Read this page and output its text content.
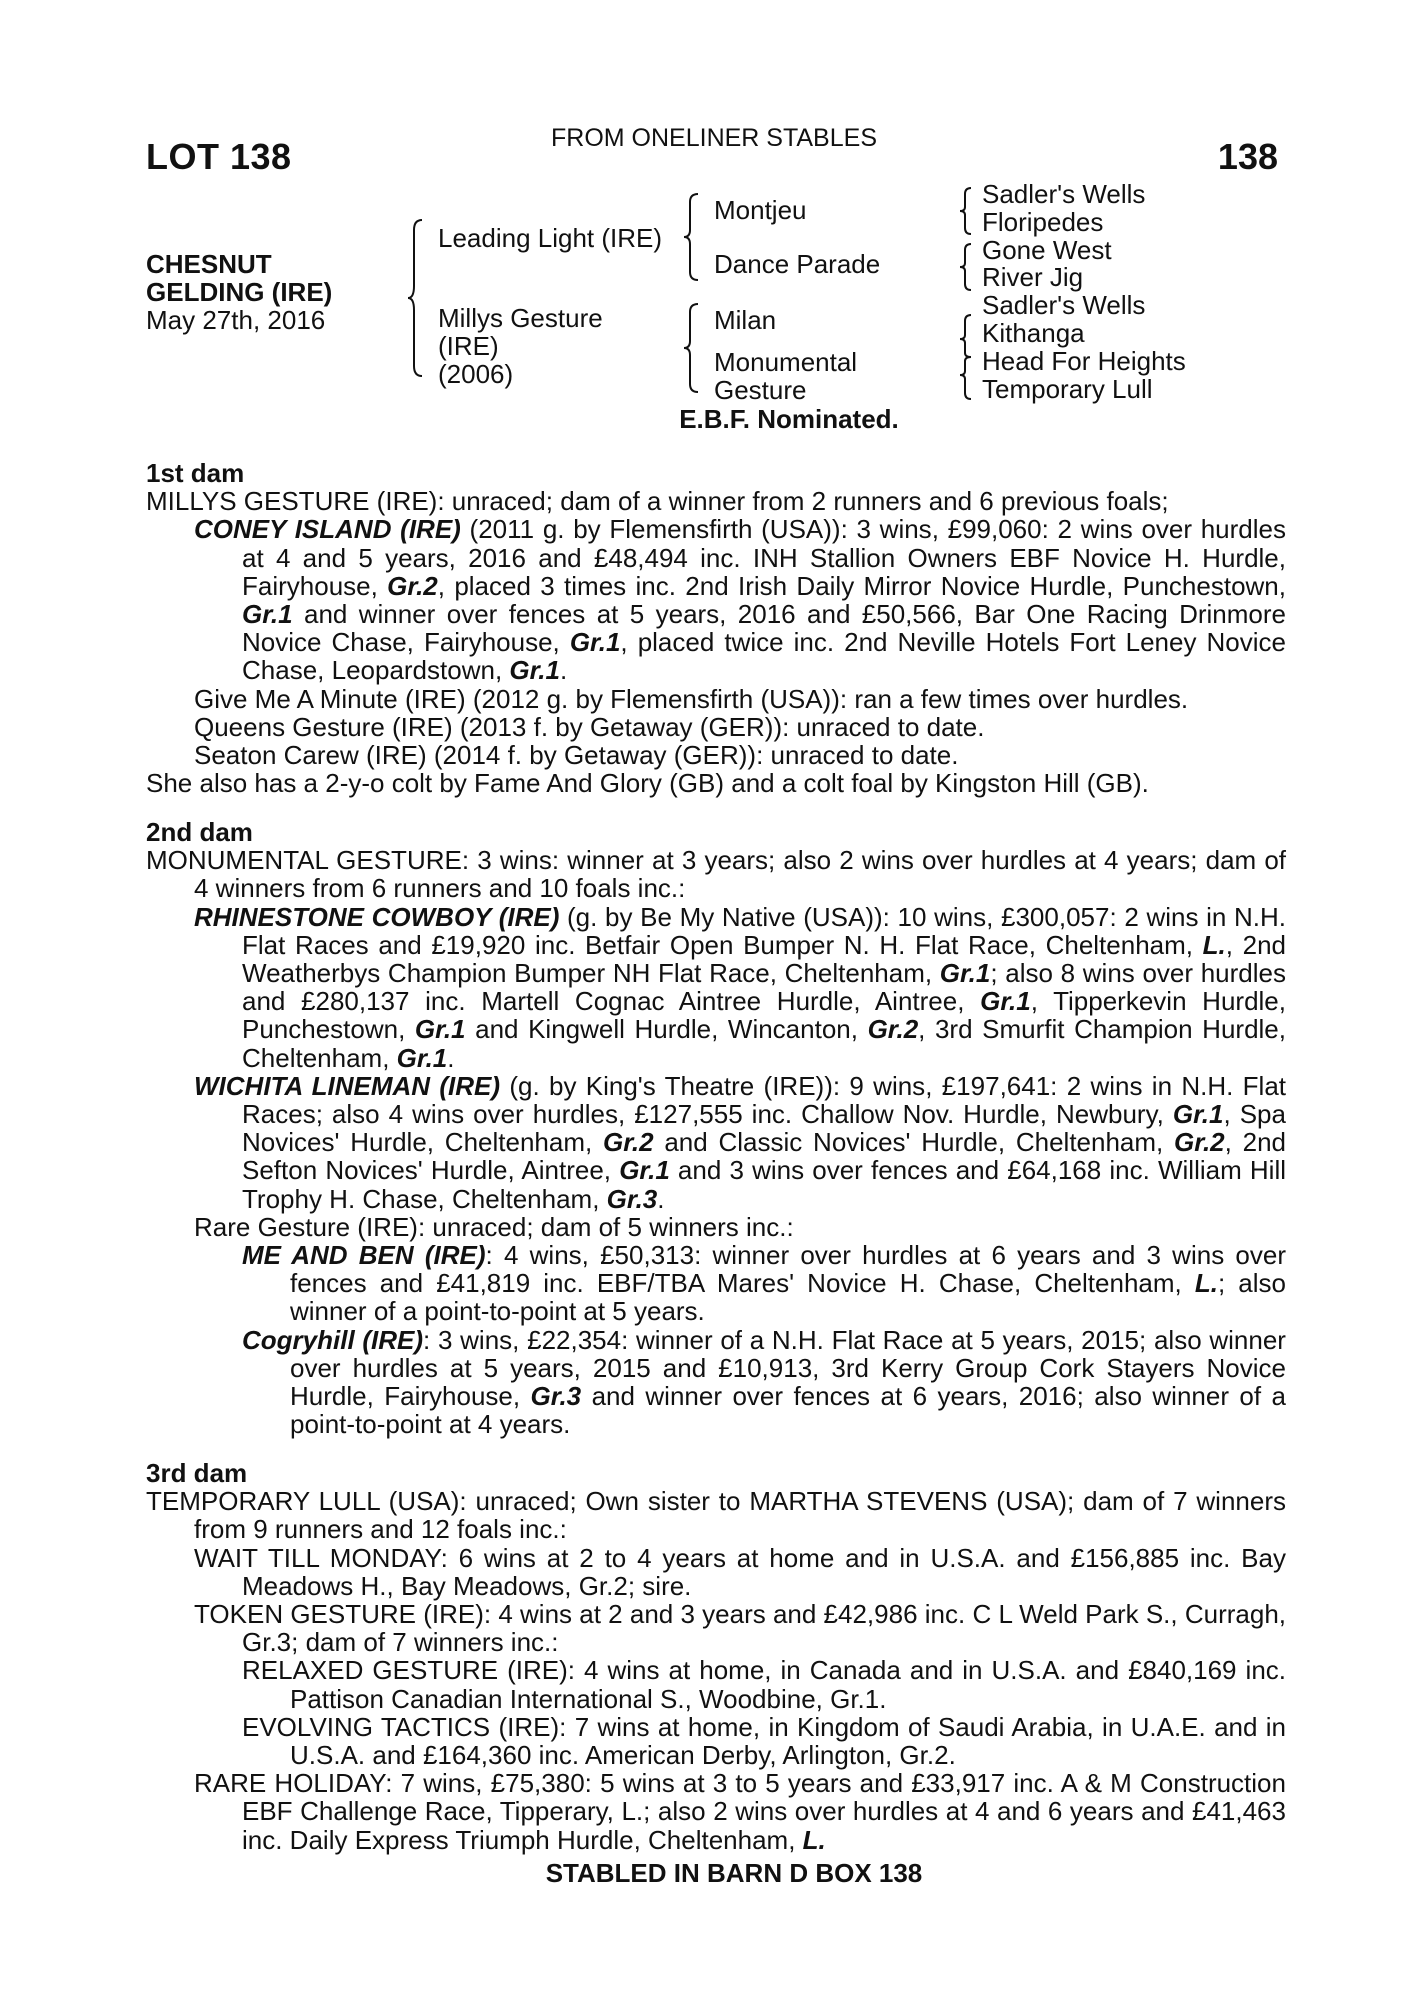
LOT 138	FROM ONELINER STABLES	138
CHESNUT
GELDING (IRE)
May 27th, 2016
Leading Light (IRE)
Millys Gesture
(IRE)
(2006)
Montjeu
Dance Parade
Milan
Monumental
Gesture
Sadler's Wells
Floripedes
Gone West
River Jig
Sadler's Wells
Kithanga
Head For Heights
Temporary Lull
E.B.F. Nominated.
1st dam
MILLYS GESTURE (IRE): unraced; dam of a winner from 2 runners and 6 previous foals;
CONEY ISLAND (IRE) (2011 g. by Flemensfirth (USA)): 3 wins, £99,060: 2 wins over hurdles at 4 and 5 years, 2016 and £48,494 inc. INH Stallion Owners EBF Novice H. Hurdle, Fairyhouse, Gr.2, placed 3 times inc. 2nd Irish Daily Mirror Novice Hurdle, Punchestown, Gr.1 and winner over fences at 5 years, 2016 and £50,566, Bar One Racing Drinmore Novice Chase, Fairyhouse, Gr.1, placed twice inc. 2nd Neville Hotels Fort Leney Novice Chase, Leopardstown, Gr.1.
Give Me A Minute (IRE) (2012 g. by Flemensfirth (USA)): ran a few times over hurdles.
Queens Gesture (IRE) (2013 f. by Getaway (GER)): unraced to date.
Seaton Carew (IRE) (2014 f. by Getaway (GER)): unraced to date.
She also has a 2-y-o colt by Fame And Glory (GB) and a colt foal by Kingston Hill (GB).
2nd dam
MONUMENTAL GESTURE: 3 wins: winner at 3 years; also 2 wins over hurdles at 4 years; dam of 4 winners from 6 runners and 10 foals inc.:
RHINESTONE COWBOY (IRE) (g. by Be My Native (USA)): 10 wins, £300,057: 2 wins in N.H. Flat Races and £19,920 inc. Betfair Open Bumper N. H. Flat Race, Cheltenham, L., 2nd Weatherbys Champion Bumper NH Flat Race, Cheltenham, Gr.1; also 8 wins over hurdles and £280,137 inc. Martell Cognac Aintree Hurdle, Aintree, Gr.1, Tipperkevin Hurdle, Punchestown, Gr.1 and Kingwell Hurdle, Wincanton, Gr.2, 3rd Smurfit Champion Hurdle, Cheltenham, Gr.1.
WICHITA LINEMAN (IRE) (g. by King's Theatre (IRE)): 9 wins, £197,641: 2 wins in N.H. Flat Races; also 4 wins over hurdles, £127,555 inc. Challow Nov. Hurdle, Newbury, Gr.1, Spa Novices' Hurdle, Cheltenham, Gr.2 and Classic Novices' Hurdle, Cheltenham, Gr.2, 2nd Sefton Novices' Hurdle, Aintree, Gr.1 and 3 wins over fences and £64,168 inc. William Hill Trophy H. Chase, Cheltenham, Gr.3.
Rare Gesture (IRE): unraced; dam of 5 winners inc.:
ME AND BEN (IRE): 4 wins, £50,313: winner over hurdles at 6 years and 3 wins over fences and £41,819 inc. EBF/TBA Mares' Novice H. Chase, Cheltenham, L.; also winner of a point-to-point at 5 years.
Cogryhill (IRE): 3 wins, £22,354: winner of a N.H. Flat Race at 5 years, 2015; also winner over hurdles at 5 years, 2015 and £10,913, 3rd Kerry Group Cork Stayers Novice Hurdle, Fairyhouse, Gr.3 and winner over fences at 6 years, 2016; also winner of a point-to-point at 4 years.
3rd dam
TEMPORARY LULL (USA): unraced; Own sister to MARTHA STEVENS (USA); dam of 7 winners from 9 runners and 12 foals inc.:
WAIT TILL MONDAY: 6 wins at 2 to 4 years at home and in U.S.A. and £156,885 inc. Bay Meadows H., Bay Meadows, Gr.2; sire.
TOKEN GESTURE (IRE): 4 wins at 2 and 3 years and £42,986 inc. C L Weld Park S., Curragh, Gr.3; dam of 7 winners inc.:
RELAXED GESTURE (IRE): 4 wins at home, in Canada and in U.S.A. and £840,169 inc. Pattison Canadian International S., Woodbine, Gr.1.
EVOLVING TACTICS (IRE): 7 wins at home, in Kingdom of Saudi Arabia, in U.A.E. and in U.S.A. and £164,360 inc. American Derby, Arlington, Gr.2.
RARE HOLIDAY: 7 wins, £75,380: 5 wins at 3 to 5 years and £33,917 inc. A & M Construction EBF Challenge Race, Tipperary, L.; also 2 wins over hurdles at 4 and 6 years and £41,463 inc. Daily Express Triumph Hurdle, Cheltenham, L.
STABLED IN BARN D BOX 138
